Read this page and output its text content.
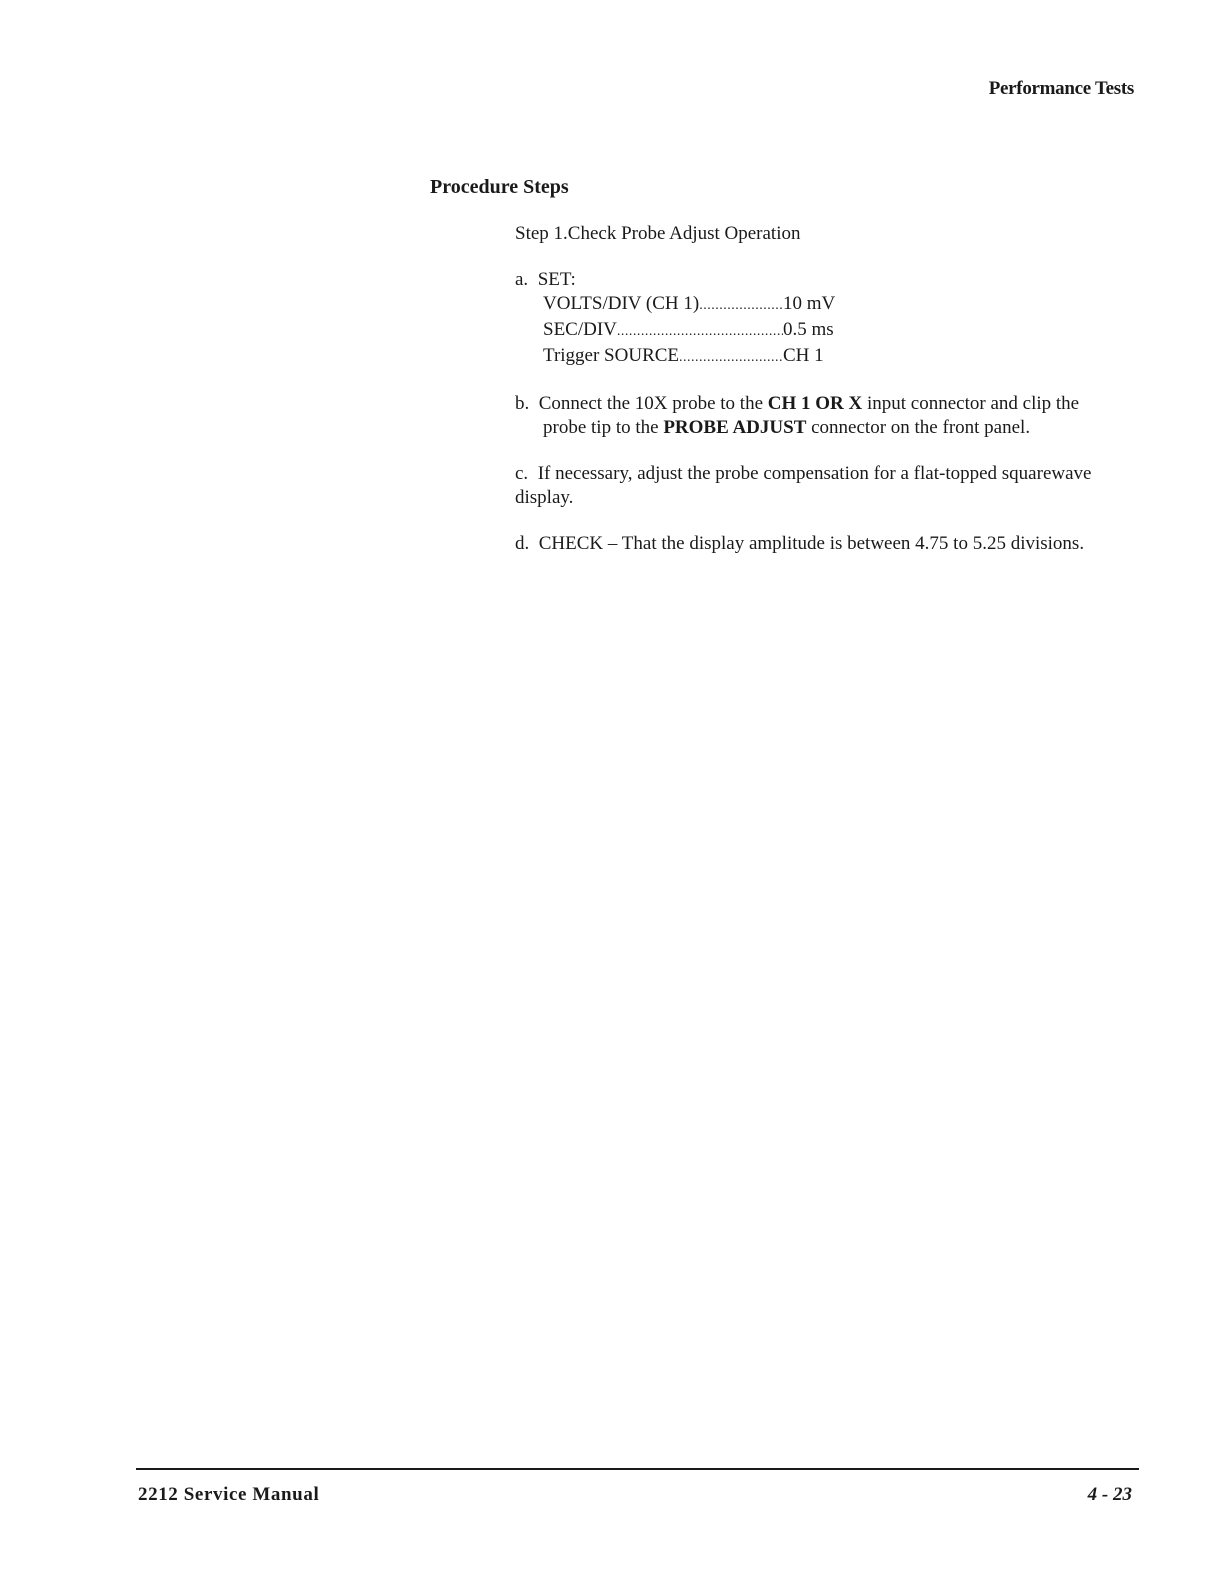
Performance Tests
Procedure Steps
Step 1.Check Probe Adjust Operation
a. SET:
VOLTS/DIV (CH 1) .....	10 mV
SEC/DIV .....	0.5 ms
Trigger SOURCE .....	CH 1
b. Connect the 10X probe to the CH 1 OR X input connector and clip the probe tip to the PROBE ADJUST connector on the front panel.
c. If necessary, adjust the probe compensation for a flat-topped squarewave display.
d. CHECK – That the display amplitude is between 4.75 to 5.25 divisions.
2212 Service Manual	4 - 23
